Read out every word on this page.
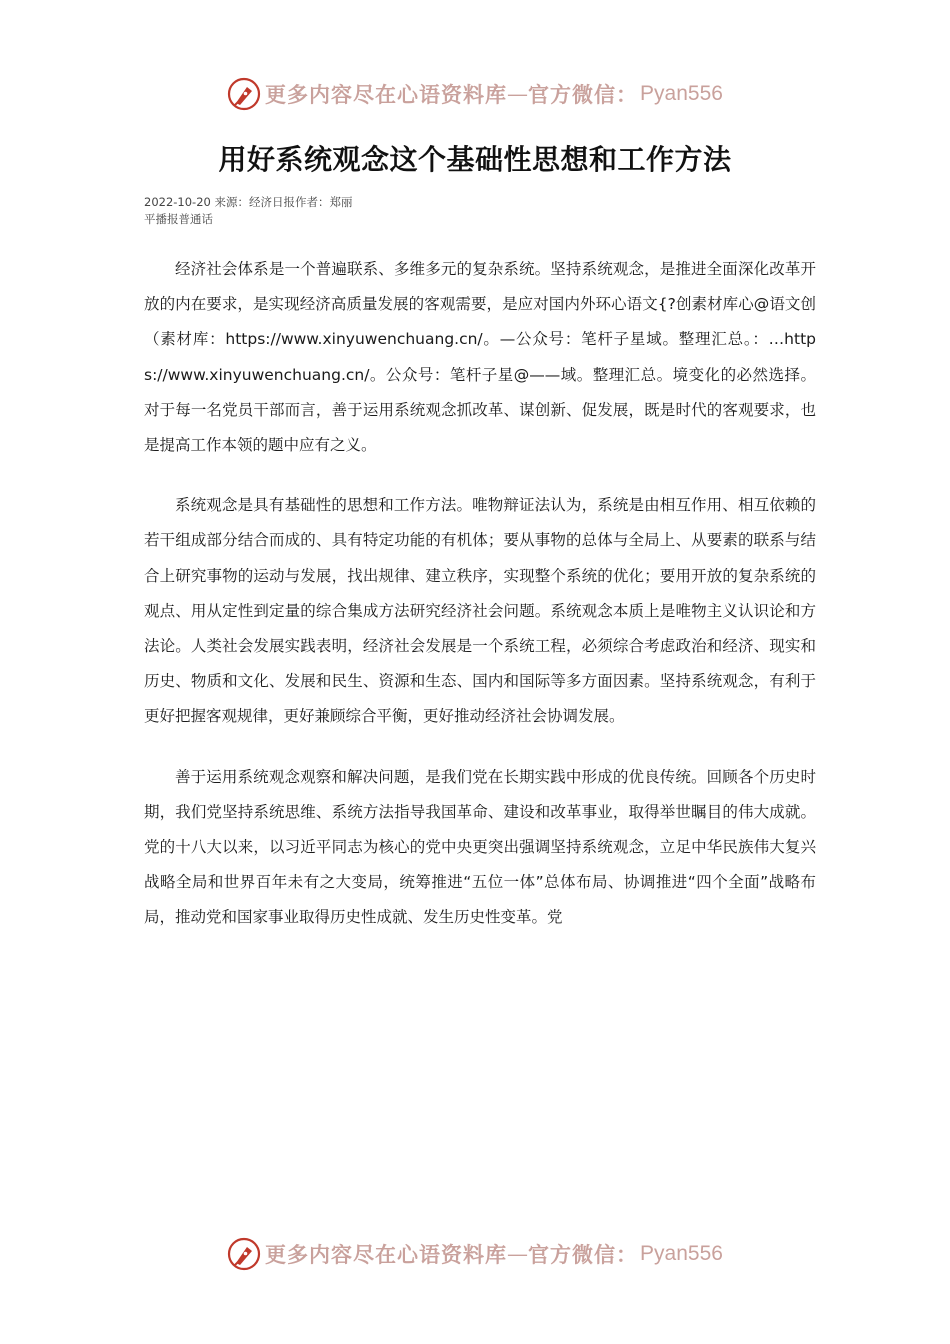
更多内容尽在心语资料库 — 官方微信： Pyan556
用好系统观念这个基础性思想和工作方法
2022-10-20 来源：经济日报作者：郑丽
平播报普通话

经济社会体系是一个普遍联系、多维多元的复杂系统。坚持系统观念，是推进全面深化改革开放的内在要求，是实现经济高质量发展的客观需要，是应对国内外环心语文{?创素材库心@语文创（素材库：https://www.xinyuwenchuang.cn/。—公众号：笔杆子星域。整理汇总。：…https://www.xinyuwenchuang.cn/。公众号：笔杆子星@——域。整理汇总。境变化的必然选择。对于每一名党员干部而言，善于运用系统观念抓改革、谋创新、促发展，既是时代的客观要求，也是提高工作本领的题中应有之义。

系统观念是具有基础性的思想和工作方法。唯物辩证法认为，系统是由相互作用、相互依赖的若干组成部分结合而成的、具有特定功能的有机体；要从事物的总体与全局上、从要素的联系与结合上研究事物的运动与发展，找出规律、建立秩序，实现整个系统的优化；要用开放的复杂系统的观点、用从定性到定量的综合集成方法研究经济社会问题。系统观念本质上是唯物主义认识论和方法论。人类社会发展实践表明，经济社会发展是一个系统工程，必须综合考虑政治和经济、现实和历史、物质和文化、发展和民生、资源和生态、国内和国际等多方面因素。坚持系统观念，有利于更好把握客观规律，更好兼顾综合平衡，更好推动经济社会协调发展。

善于运用系统观念观察和解决问题，是我们党在长期实践中形成的优良传统。回顾各个历史时期，我们党坚持系统思维、系统方法指导我国革命、建设和改革事业，取得举世瞩目的伟大成就。党的十八大以来，以习近平同志为核心的党中央更突出强调坚持系统观念，立足中华民族伟大复兴战略全局和世界百年未有之大变局，统筹推进“五位一体”总体布局、协调推进“四个全面”战略布局，推动党和国家事业取得历史性成就、发生历史性变革。党

更多内容尽在心语资料库 — 官方微信： Pyan556
